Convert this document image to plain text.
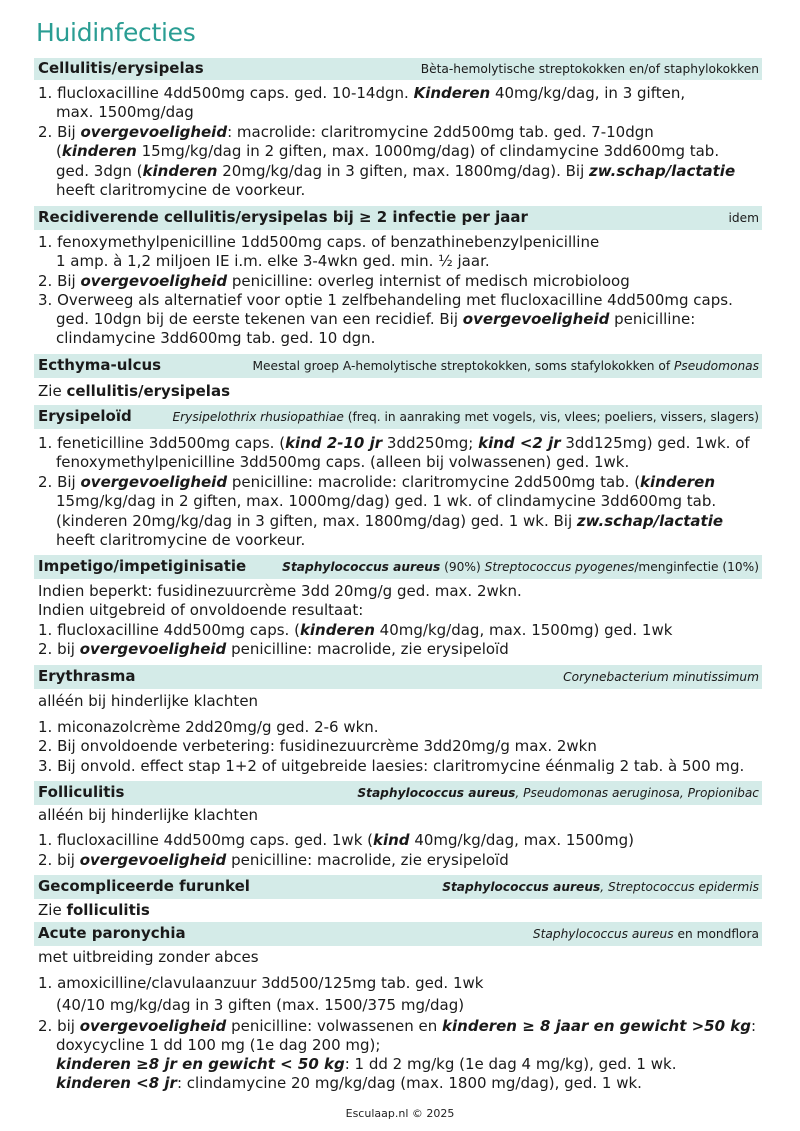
Huidinfecties
Cellulitis/erysipelas	Bèta-hemolytische streptokokken en/of staphylokokken
1. flucloxacilline 4dd500mg caps. ged. 10-14dgn. Kinderen 40mg/kg/dag, in 3 giften,
max. 1500mg/dag
2. Bij overgevoeligheid: macrolide: claritromycine 2dd500mg tab. ged. 7-10dgn
(kinderen 15mg/kg/dag in 2 giften, max. 1000mg/dag) of clindamycine 3dd600mg tab.
ged. 3dgn (kinderen 20mg/kg/dag in 3 giften, max. 1800mg/dag). Bij zw.schap/lactatie
heeft claritromycine de voorkeur.
Recidiverende cellulitis/erysipelas bij ≥ 2 infectie per jaar	idem
1. fenoxymethylpenicilline 1dd500mg caps. of benzathinebenzylpenicilline
1 amp. à 1,2 miljoen IE i.m. elke 3-4wkn ged. min. ½ jaar.
2. Bij overgevoeligheid penicilline: overleg internist of medisch microbioloog
3. Overweeg als alternatief voor optie 1 zelfbehandeling met flucloxacilline 4dd500mg caps.
ged. 10dgn bij de eerste tekenen van een recidief. Bij overgevoeligheid penicilline:
clindamycine 3dd600mg tab. ged. 10 dgn.
Ecthyma-ulcus	Meestal groep A-hemolytische streptokokken, soms stafylokokken of Pseudomonas
Zie cellulitis/erysipelas
Erysipeloïd	Erysipelothrix rhusiopathiae (freq. in aanraking met vogels, vis, vlees; poeliers, vissers, slagers)
1. feneticilline 3dd500mg caps. (kind 2-10 jr 3dd250mg; kind <2 jr 3dd125mg) ged. 1wk. of
fenoxymethylpenicilline 3dd500mg caps. (alleen bij volwassenen) ged. 1wk.
2. Bij overgevoeligheid penicilline: macrolide: claritromycine 2dd500mg tab. (kinderen
15mg/kg/dag in 2 giften, max. 1000mg/dag) ged. 1 wk. of clindamycine 3dd600mg tab.
(kinderen 20mg/kg/dag in 3 giften, max. 1800mg/dag) ged. 1 wk. Bij zw.schap/lactatie
heeft claritromycine de voorkeur.
Impetigo/impetiginisatie	Staphylococcus aureus (90%) Streptococcus pyogenes/menginfectie (10%)
Indien beperkt: fusidinezuurcrème 3dd 20mg/g ged. max. 2wkn.
Indien uitgebreid of onvoldoende resultaat:
1. flucloxacilline 4dd500mg caps. (kinderen 40mg/kg/dag, max. 1500mg) ged. 1wk
2. bij overgevoeligheid penicilline: macrolide, zie erysipeloïd
Erythrasma	Corynebacterium minutissimum
alléén bij hinderlijke klachten
1. miconazolcrème 2dd20mg/g ged. 2-6 wkn.
2. Bij onvoldoende verbetering: fusidinezuurcrème 3dd20mg/g max. 2wkn
3. Bij onvold. effect stap 1+2 of uitgebreide laesies: claritromycine éénmalig 2 tab. à 500 mg.
Folliculitis	Staphylococcus aureus, Pseudomonas aeruginosa, Propionibac
alléén bij hinderlijke klachten
1. flucloxacilline 4dd500mg caps. ged. 1wk (kind 40mg/kg/dag, max. 1500mg)
2. bij overgevoeligheid penicilline: macrolide, zie erysipeloïd
Gecompliceerde furunkel	Staphylococcus aureus, Streptococcus epidermis
Zie folliculitis
Acute paronychia	Staphylococcus aureus en mondflora
met uitbreiding zonder abces
1. amoxicilline/clavulaanzuur 3dd500/125mg tab. ged. 1wk
(40/10 mg/kg/dag in 3 giften (max. 1500/375 mg/dag)
2. bij overgevoeligheid penicilline: volwassenen en kinderen ≥ 8 jaar en gewicht >50 kg:
doxycycline 1 dd 100 mg (1e dag 200 mg);
kinderen ≥8 jr en gewicht < 50 kg: 1 dd 2 mg/kg (1e dag 4 mg/kg), ged. 1 wk.
kinderen <8 jr: clindamycine 20 mg/kg/dag (max. 1800 mg/dag), ged. 1 wk.
Esculaap.nl © 2025
